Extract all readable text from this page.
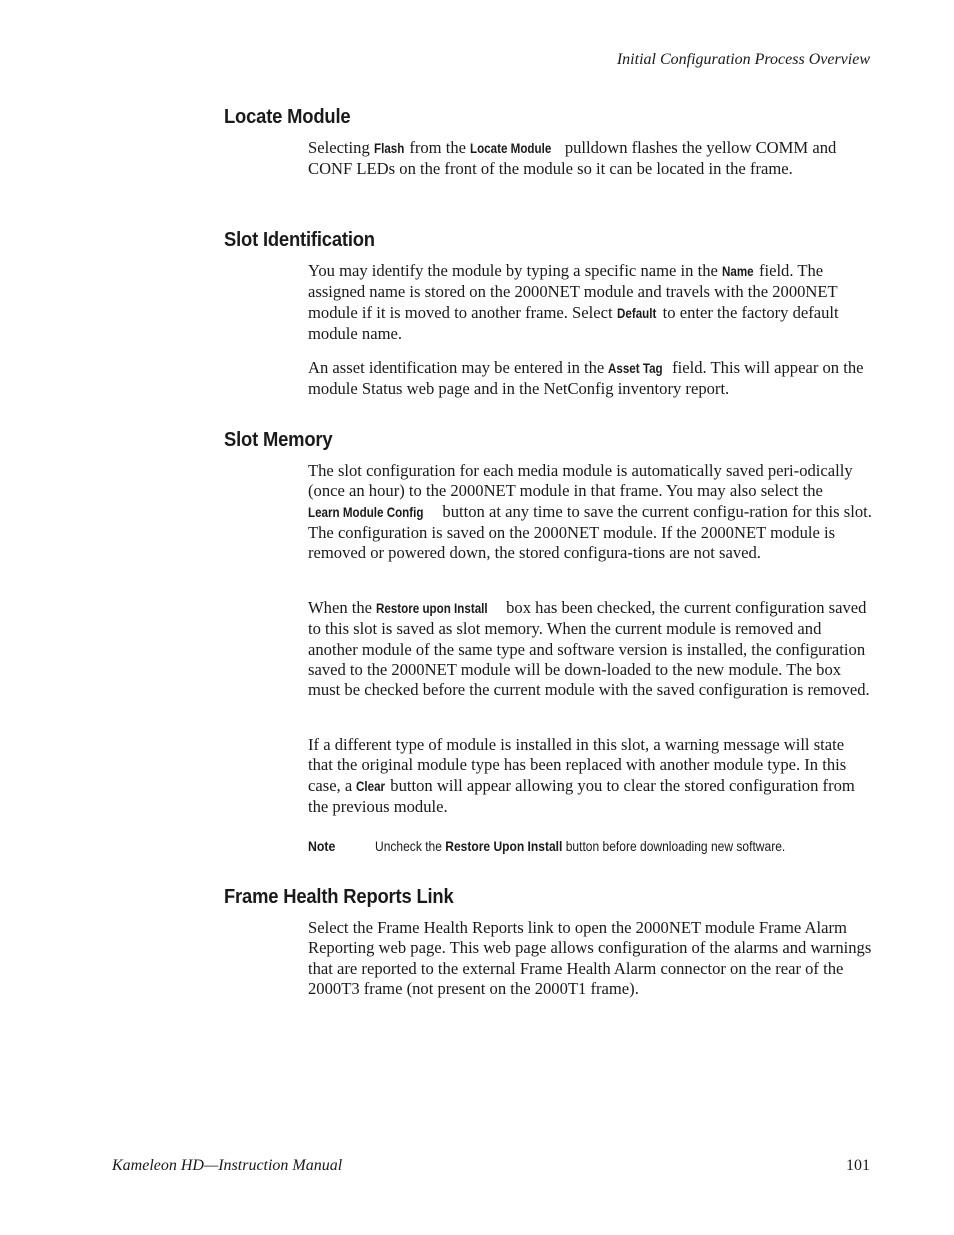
Initial Configuration Process Overview
Locate Module

Selecting Flash from the Locate Module pulldown flashes the yellow COMM and CONF LEDs on the front of the module so it can be located in the frame.

Slot Identification

You may identify the module by typing a specific name in the Name field. The assigned name is stored on the 2000NET module and travels with the 2000NET module if it is moved to another frame. Select Default to enter the factory default module name.

An asset identification may be entered in the Asset Tag field. This will appear on the module Status web page and in the NetConfig inventory report.

Slot Memory

The slot configuration for each media module is automatically saved peri-odically (once an hour) to the 2000NET module in that frame. You may also select the Learn Module Config button at any time to save the current configu-ration for this slot. The configuration is saved on the 2000NET module. If the 2000NET module is removed or powered down, the stored configura-tions are not saved.

When the Restore upon Install box has been checked, the current configuration saved to this slot is saved as slot memory. When the current module is removed and another module of the same type and software version is installed, the configuration saved to the 2000NET module will be down-loaded to the new module. The box must be checked before the current module with the saved configuration is removed.

If a different type of module is installed in this slot, a warning message will state that the original module type has been replaced with another module type. In this case, a Clear button will appear allowing you to clear the stored configuration from the previous module.

Note	Uncheck the Restore Upon Install button before downloading new software.
Frame Health Reports Link

Select the Frame Health Reports link to open the 2000NET module Frame Alarm Reporting web page. This web page allows configuration of the alarms and warnings that are reported to the external Frame Health Alarm connector on the rear of the 2000T3 frame (not present on the 2000T1 frame).

Kameleon HD—Instruction Manual	101
